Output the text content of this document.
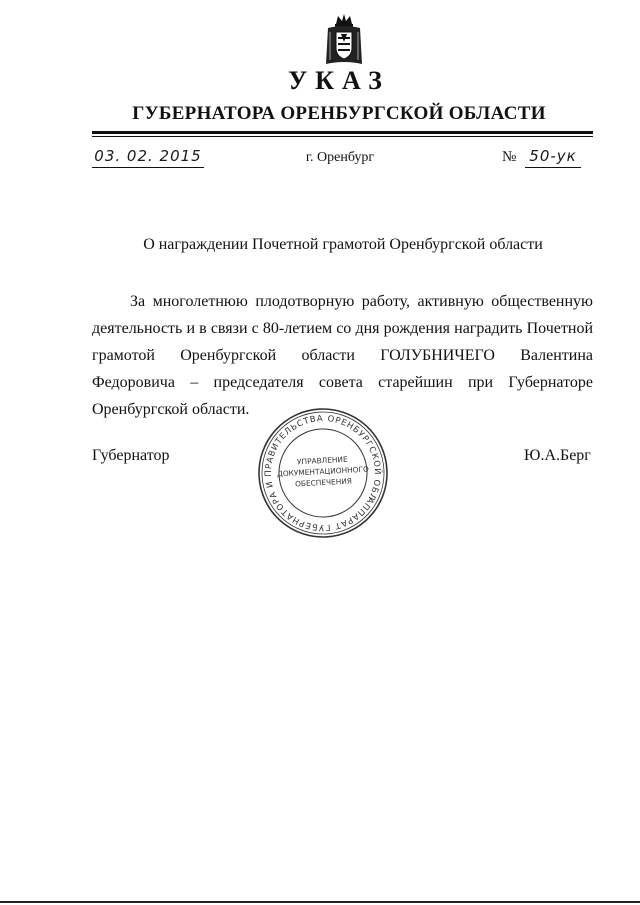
УКАЗ
ГУБЕРНАТОРА ОРЕНБУРГСКОЙ ОБЛАСТИ
03. 02. 2015	г. Оренбург	№ 50-ук
О награждении Почетной грамотой Оренбургской области

За многолетнюю плодотворную работу, активную общественную деятельность и в связи с 80-летием со дня рождения наградить Почетной грамотой Оренбургской области ГОЛУБНИЧЕГО Валентина Федоровича – председателя совета старейшин при Губернаторе Оренбургской области.

Губернатор
АППАРАТ ГУБЕРНАТОРА И ПРАВИТЕЛЬСТВА ОРЕНБУРГСКОЙ ОБЛАСТИ
УПРАВЛЕНИЕ
ДОКУМЕНТАЦИОННОГО
ОБЕСПЕЧЕНИЯ
Ю.А.Берг
